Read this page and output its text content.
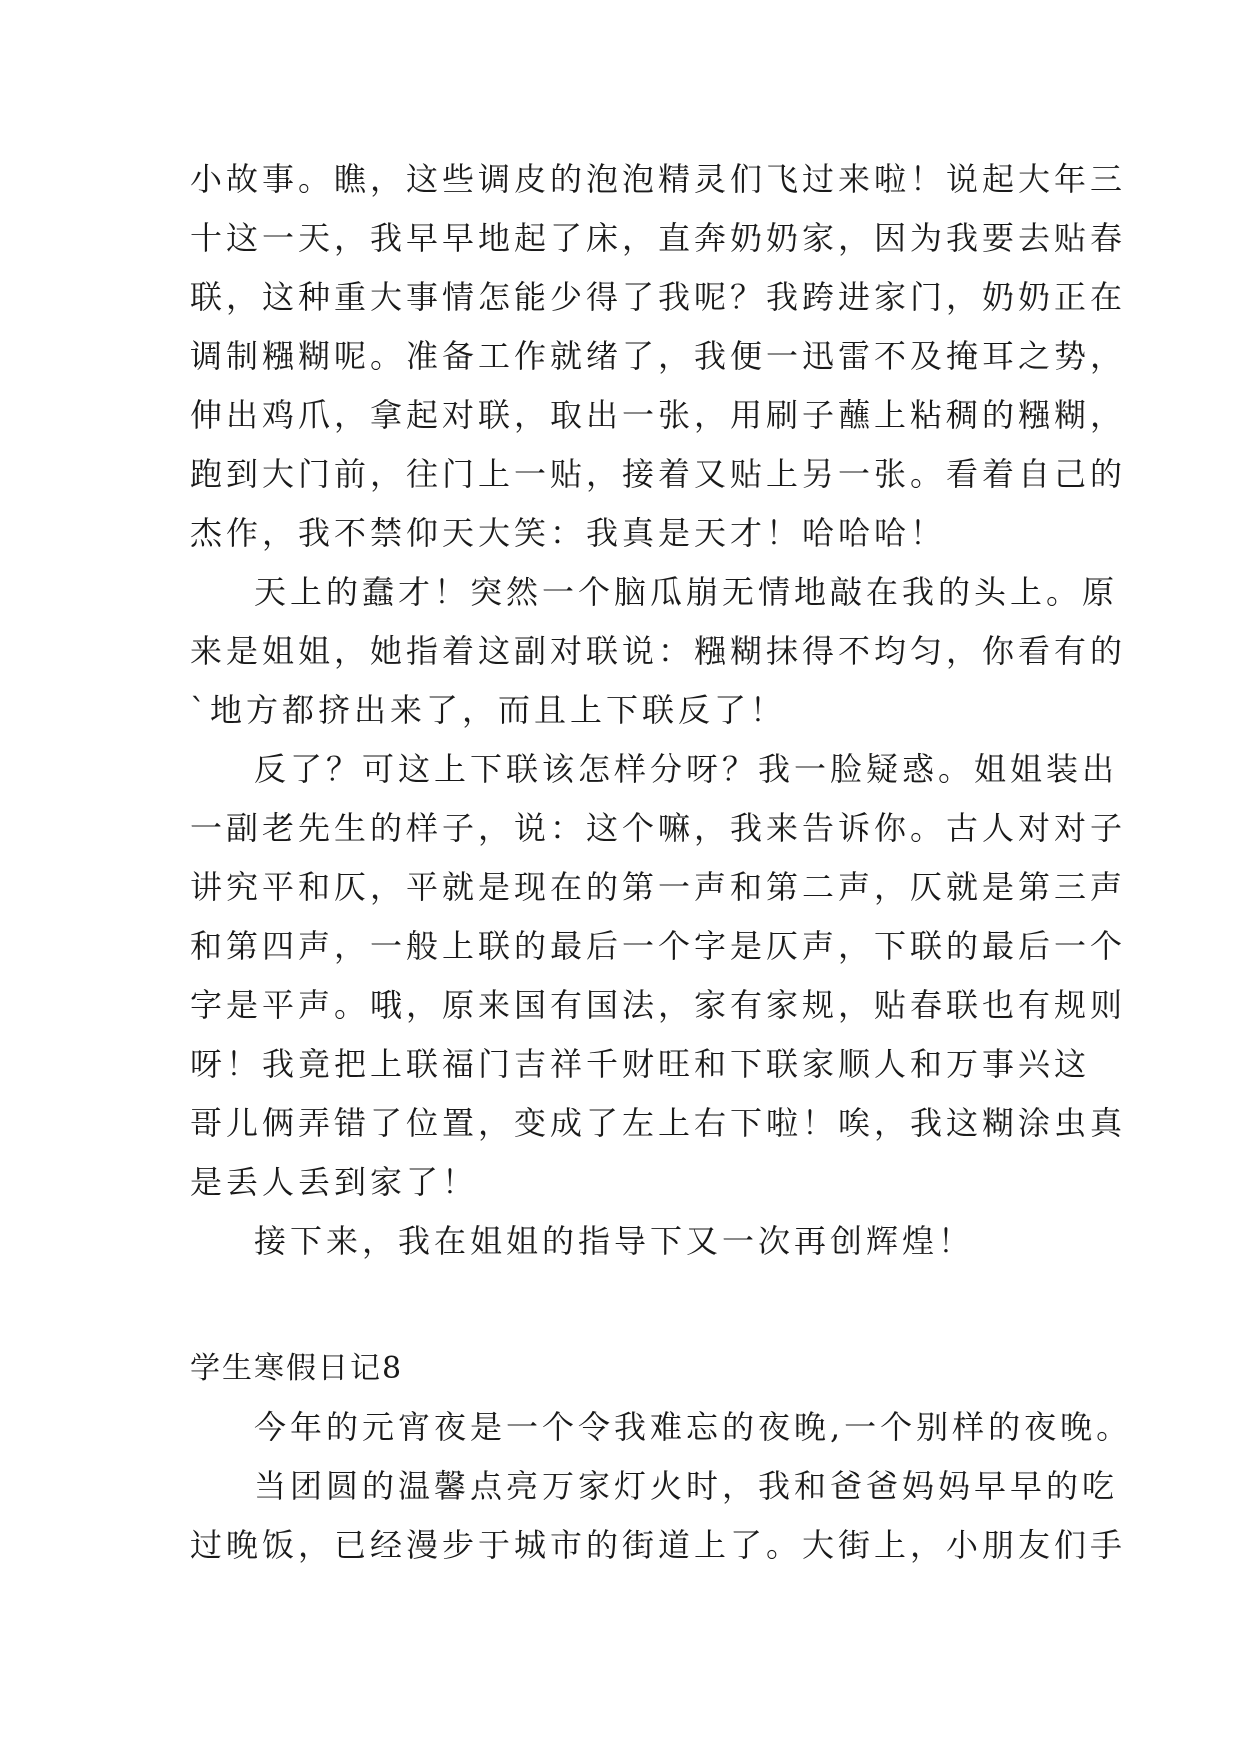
小故事。瞧，这些调皮的泡泡精灵们飞过来啦！说起大年三

十这一天，我早早地起了床，直奔奶奶家，因为我要去贴春

联，这种重大事情怎能少得了我呢？我跨进家门，奶奶正在

调制糨糊呢。准备工作就绪了，我便一迅雷不及掩耳之势，

伸出鸡爪，拿起对联，取出一张，用刷子蘸上粘稠的糨糊，

跑到大门前，往门上一贴，接着又贴上另一张。看着自己的

杰作，我不禁仰天大笑：我真是天才！哈哈哈！

天上的蠢才！突然一个脑瓜崩无情地敲在我的头上。原

来是姐姐，她指着这副对联说：糨糊抹得不均匀，你看有的

`地方都挤出来了，而且上下联反了！

反了？可这上下联该怎样分呀？我一脸疑惑。姐姐装出

一副老先生的样子，说：这个嘛，我来告诉你。古人对对子

讲究平和仄，平就是现在的第一声和第二声，仄就是第三声

和第四声，一般上联的最后一个字是仄声，下联的最后一个

字是平声。哦，原来国有国法，家有家规，贴春联也有规则

呀！我竟把上联福门吉祥千财旺和下联家顺人和万事兴这

哥儿俩弄错了位置，变成了左上右下啦！唉，我这糊涂虫真

是丢人丢到家了！

接下来，我在姐姐的指导下又一次再创辉煌！

学生寒假日记8

今年的元宵夜是一个令我难忘的夜晚,一个别样的夜晚。

当团圆的温馨点亮万家灯火时，我和爸爸妈妈早早的吃

过晚饭，已经漫步于城市的街道上了。大街上，小朋友们手
